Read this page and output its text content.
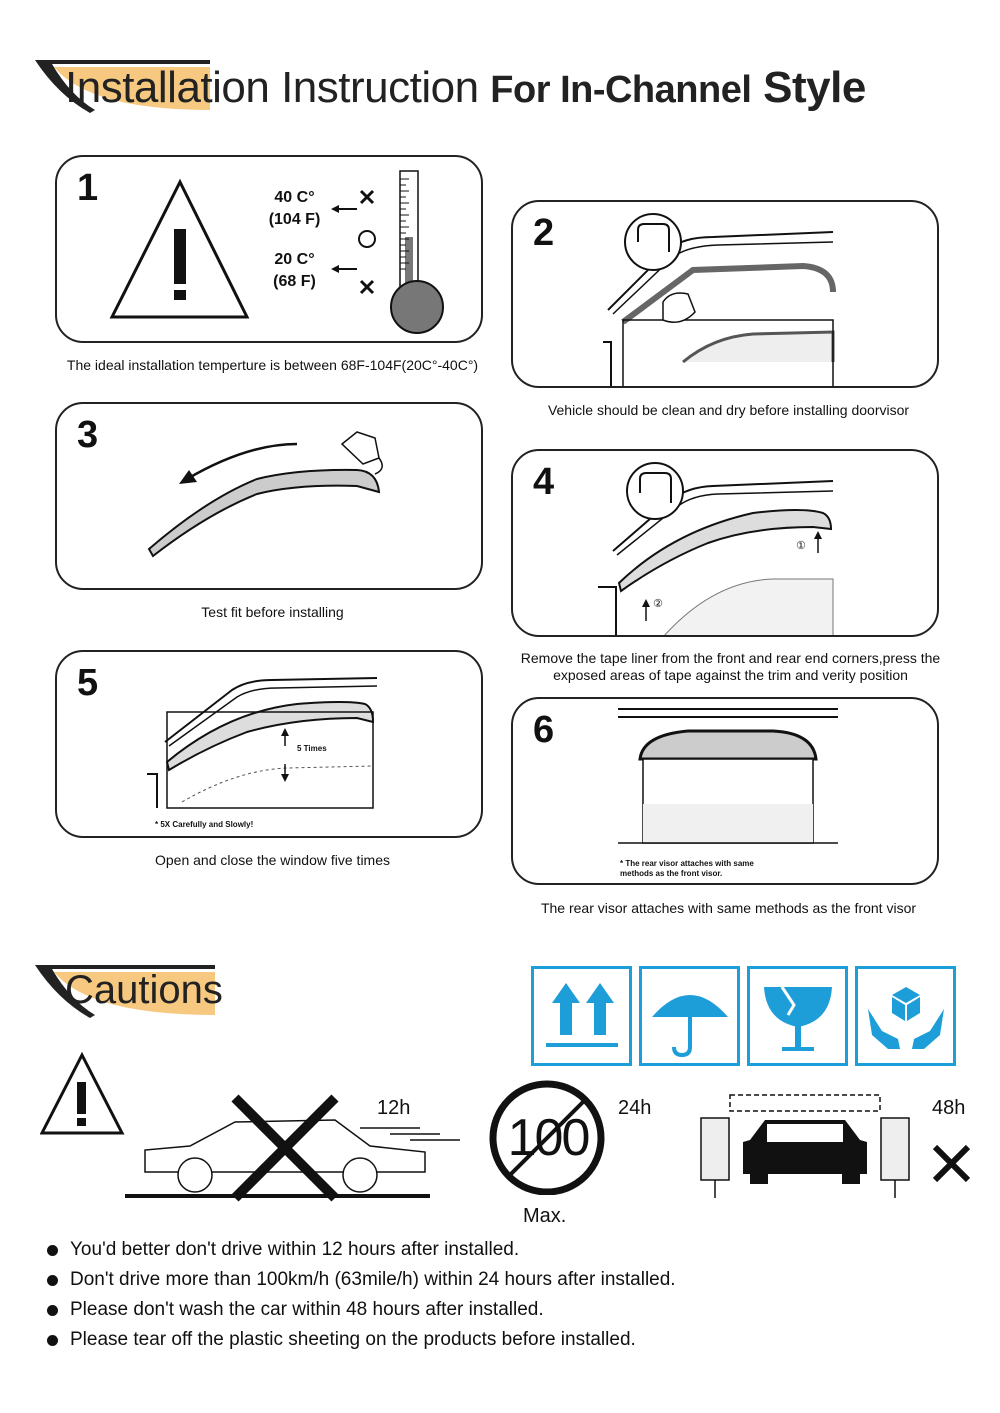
Installation Instruction For In-Channel Style
1	40 C°
(104 F)
20 C°
(68 F)
The ideal installation temperture is between 68F-104F(20C°-40C°)
2
Vehicle should be clean and dry before installing doorvisor
3
Test fit before installing
4
①
②
Remove the tape liner from the front and rear end corners,press the exposed areas of tape against the trim and verity position
5
5 Times
* 5X Carefully and Slowly!
Open and close the window five times
6
* The rear visor attaches with same
methods as the front visor.
The rear visor attaches with same methods as the front visor
Cautions
12h
100
Max.
24h	48h
You'd better don't drive within 12 hours after installed.
Don't drive more than 100km/h (63mile/h) within 24 hours after installed.
Please don't wash the car within 48 hours after installed.
Please tear off the plastic sheeting on the products before installed.
